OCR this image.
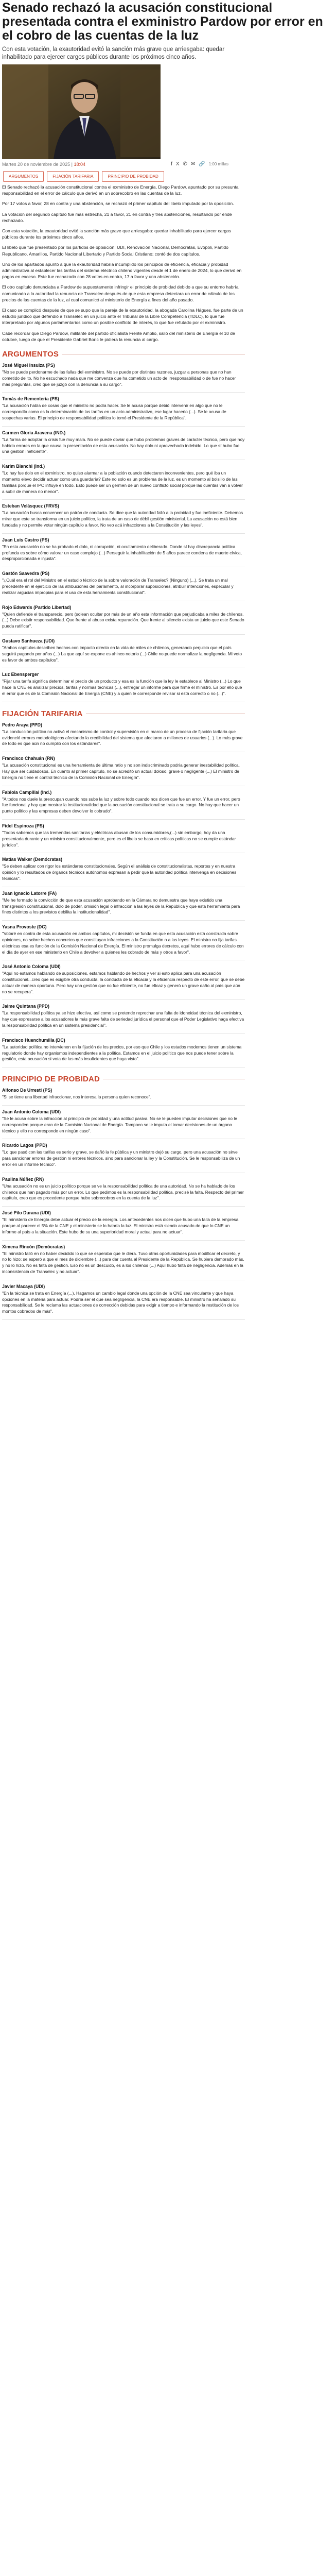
Senado rechazó la acusación constitucional presentada contra el exministro Pardow por error en el cobro de las cuentas de la luz

Con esta votación, la exautoridad evitó la sanción más grave que arriesgaba: quedar inhabilitado para ejercer cargos públicos durante los próximos cinco años.

Martes 20 de noviembre de 2025 | 18:04	f X ✆ ✉ 🔗 1:00 millas
ARGUMENTOS	FIJACIÓN TARIFARIA	PRINCIPIO DE PROBIDAD

El Senado rechazó la acusación constitucional contra el exministro de Energía, Diego Pardow, apuntado por su presunta responsabilidad en el error de cálculo que derivó en un sobrecobro en las cuentas de la luz.

Por 17 votos a favor, 28 en contra y una abstención, se rechazó el primer capítulo del libelo imputado por la oposición.

La votación del segundo capítulo fue más estrecha, 21 a favor, 21 en contra y tres abstenciones, resultando por ende rechazado.

Con esta votación, la exautoridad evitó la sanción más grave que arriesgaba: quedar inhabilitado para ejercer cargos públicos durante los próximos cinco años.

El libelo que fue presentado por los partidos de oposición: UDI, Renovación Nacional, Demócratas, Evópoli, Partido Republicano, Amarillos, Partido Nacional Libertario y Partido Social Cristiano; contó de dos capítulos.

Uno de los apartados apuntó a que la exautoridad habría incumplido los principios de eficiencia, eficacia y probidad administrativa al establecer las tarifas del sistema eléctrico chileno vigentes desde el 1 de enero de 2024, lo que derivó en pagos en exceso. Este fue rechazado con 28 votos en contra, 17 a favor y una abstención.

El otro capítulo denunciaba a Pardow de supuestamente infringir el principio de probidad debido a que su entorno habría comunicado a la autoridad la renuncia de Transelec después de que esta empresa detectara un error de cálculo de los precios de las cuentas de la luz, al cual comunicó al ministerio de Energía a fines del año pasado.

El caso se complicó después de que se supo que la pareja de la exautoridad, la abogada Carolina Hágues, fue parte de un estudio jurídico que defendió a Transelec en un juicio ante el Tribunal de la Libre Competencia (TDLC), lo que fue interpretado por algunos parlamentarios como un posible conflicto de interés, lo que fue refutado por el exministro.

Cabe recordar que Diego Pardow, militante del partido oficialista Frente Amplio, salió del ministerio de Energía el 10 de octubre, luego de que el Presidente Gabriel Boric le pidiera la renuncia al cargo.

ARGUMENTOS

José Miguel Insulza (PS)

"No se puede perdonarme de las fallas del exministro. No se puede por distintas razones, juzgar a personas que no han cometido delito. No he escuchado nada que me convenza que ha cometido un acto de irresponsabilidad o de fue no hacer más preguntas, creo que se juzgó con la denuncia a su cargo".

Tomás de Rementería (PS)

"La acusación habla de cosas que el ministro no podía hacer. Se le acusa porque debió intervenir en algo que no le correspondía como es la determinación de las tarifas en un acto administrativo, ese lugar hacerlo (...). Se le acusa de sospechas varias. El principio de responsabilidad política lo tomó el Presidente de la República".

Carmen Gloria Aravena (IND.)

"La forma de adoptar la crisis fue muy mala. No se puede obviar que hubo problemas graves de carácter técnico, pero que hoy habido errores en la que causa la presentación de esta acusación. No hay dolo ni aprovechado indebido. Lo que sí hubo fue una gestión ineficiente".

Karim Bianchi (Ind.)

"Lo hay fue dolo en el exministro, no quiso alarmar a la población cuando detectaron inconvenientes, pero qué iba un momento elevo decidir actuar como una guardaría? Este no solo es un problema de la luz, es un momento al bolsillo de las familias porque el IPC influye en todo. Esto puede ser un germen de un nuevo conflicto social porque las cuentas van a volver a subir de manera no menor".

Esteban Velásquez (FRVS)

"La acusación busca convencer un patrón de conducta. Se dice que la autoridad falló a la probidad y fue ineficiente. Debemos mirar que este se transforma en un juicio político, la trata de un caso de débil gestión ministerial. La acusación no está bien fundada y no permite votar ningún capítulo a favor. No veo acá infracciones a la Constitución y las leyes".

Juan Luis Castro (PS)

"En esta acusación no se ha probado el dolo, ni corrupción, ni ocultamiento deliberado. Donde sí hay discrepancia política profunda es sobre cómo valorar un caso complejo (...) Perseguir la inhabilitación de 5 años parece condena de muerte cívica, desproporcionada e injusta".

Gastón Saavedra (PS)

"¿Cuál era el rol del Ministro en el estudio técnico de la sobre valoración de Transelec? (Ninguno) (...). Se trata un mal precedente en el ejercicio de las atribuciones del parlamento, al incorporar suposiciones, atribuir intenciones, especular y realizar argucias impropias para el uso de esta herramienta constitucional".

Rojo Edwards (Partido Libertad)

"Quien defiende el transparecio, pero (solean ocultar por más de un año esta información que perjudicaba a miles de chilenos. (...) Debe existir responsabilidad. Que frente al abuso exista reparación. Que frente al silencio exista un juicio que este Senado pueda ratificar".

Gustavo Sanhueza (UDI)

"Ambos capítulos describen hechos con impacto directo en la vida de miles de chilenos, generando perjuicio que el país seguirá pagando por años (...) La que aquí se expone es ahinco notorio (...) Chile no puede normalizar la negligencia. Mi voto es favor de ambos capítulos".

Luz Ebensperger

"Fijar una tarifa significa determinar el precio de un producto y esa es la función que la ley le establece al Ministro (...) Lo que hace la CNE es analizar precios, tarifas y normas técnicas (...), entregar un informe para que firme el ministro. Es por ello que el error que es de la Comisión Nacional de Energía (CNE) y a quien le corresponde revisar si está correcto o no (...)".

FIJACIÓN TARIFARIA

Pedro Araya (PPD)

"La conducción política no activó el mecanismo de control y supervisión en el marco de un proceso de fijación tarifaria que evidenció errores metodológicos afectando la credibilidad del sistema que afectaron a millones de usuarios (...). Lo más grave de todo es que aún no cumplió con los estándares".

Francisco Chahuán (RN)

"La acusación constitucional es una herramienta de última ratio y no son indiscriminado podría generar inestabilidad política. Hay que ser cuidadosos. En cuanto al primer capítulo, no se acreditó un actual doloso, grave o negligente (...) El ministro de Energía no tiene el control técnico de la Comisión Nacional de Energía".

Fabiola Campillai (Ind.)

"A todos nos duele la preocupan cuando nos sube la luz y sobre todo cuando nos dicen que fue un error. Y fue un error, pero fue funcional y hay que mostrar la institucionalidad que la acusación constitucional se trata a su cargo. No hay que hacer un punto político y las empresas deben devolver lo cobrado".

Fidel Espinoza (PS)

"Todos sabemos que las tremendas sanitarias y eléctricas abusan de los consumidores,(...) sin embargo, hoy da una presentada durante y un ministro constitucionalmente, pero es el libelo se basa en críticas políticas no se cumple estándar jurídico".

Matías Walker (Demócratas)

"Se deben aplicar con rigor los estándares constitucionales. Según el análisis de constitucionalistas, reportes y en nuestra opinión y lo resultados de órganos técnicos autónomos expresan a pedir que la autoridad política intervenga en decisiones técnicas".

Juan Ignacio Latorre (FA)

"Me he formado la convicción de que esta acusación aprobando en la Cámara no demuestra que haya existido una transgresión constitucional, dolo de poder, omisión legal o infracción a las leyes de la República y que esta herramienta para fines distintos a los previstos debilita la institucionalidad".

Yasna Provoste (DC)

"Votaré en contra de esta acusación en ambos capítulos, mi decisión se funda en que esta acusación está construida sobre opiniones, no sobre hechos concretos que constituyan infracciones a la Constitución o a las leyes. El ministro no fija tarifas eléctricas esa es función de la Comisión Nacional de Energía. El ministro promulga decretos, aquí hubo errores de cálculo con el día de ayer en ese ministerio en Chile a devolver a quienes les cobrado de más y otros a favor".

José Antonio Coloma (UDI)

"Aquí no estamos hablando de suposiciones, estamos hablando de hechos y ver si esto aplica para una acusación constitucional...creo que es exigible otra conducta, la conducta de la eficacia y la eficiencia respecto de este error, que se debe actuar de manera oportuna. Pero hay una gestión que no fue eficiente, no fue eficaz y generó un grave daño al país que aún no se recupera".

Jaime Quintana (PPD)

"La responsabilidad política ya se hizo efectiva, así como se pretende reprochar una falta de idoneidad técnica del exministro, hay que expresarse a los acusadores la más grave falta de seriedad jurídica el personal que el Poder Legislativo haga efectiva la responsabilidad política en un sistema presidencial".

Francisco Huenchumilla (DC)

"La autoridad política no intervienen en la fijación de los precios, por eso que Chile y los estados modernos tienen un sistema regulatorio donde hay organismos independientes a la política. Estamos en el juicio político que nos puede tener sobre la gestión, esta acusación si vota de las más insuficientes que haya visto".

PRINCIPIO DE PROBIDAD

Alfonso De Urresti (PS)

"Si se tiene una libertad infraccionar, nos interesa la persona quien reconoce".

Juan Antonio Coloma (UDI)

"Se le acusa sobre la infracción al principio de probidad y una actitud pasiva. No se le pueden imputar decisiones que no le corresponden porque eran de la Comisión Nacional de Energía. Tampoco se le imputa el tomar decisiones de un órgano técnico y ello no corresponde en ningún caso".

Ricardo Lagos (PPD)

"Lo que pasó con las tarifas es serio y grave, se dañó la fe pública y un ministro dejó su cargo, pero una acusación no sirve para sancionar errores de gestión ni errores técnicos, sino para sancionar la ley y la Constitución. Se le responsabiliza de un error en un informe técnico".

Paulina Núñez (RN)

"Una acusación no es un juicio político porque se ve la responsabilidad política de una autoridad. No se ha hablado de los chilenos que han pagado más por un error. Lo que pedimos es la responsabilidad política, precisé la falta. Respecto del primer capítulo, creo que es procedente porque hubo sobrecobros en la cuenta de la luz".

José Pilo Durana (UDI)

"El ministerio de Energía debe actuar el precio de la energía. Los antecedentes nos dicen que hubo una falla de la empresa porque al parecer el 5% de la CNE y el ministerio se lo habría la luz. El ministro está siendo acusado de que lo CNE un informe al país a la situación. Este hubo de su una superioridad moral y actual para no actuar".

Ximena Rincón (Demócratas)

"El ministro falló en no haber decidido lo que se esperaba que le diera. Tuvo otras oportunidades para modificar el decreto, y no lo hizo; se esperó a que el mes de diciembre (...) para dar cuenta al Presidente de la República. Se hubiera demorado más, y no lo hizo. No es falta de gestión. Eso no es un descuido, es a los chilenos (...) Aquí hubo falta de negligencia. Además en la inconsistencia de Transelec y no actuar".

Javier Macaya (UDI)

"En la técnica se trata en Energía (...). Hagamos un cambio legal donde una opción de la CNE sea vinculante y que haya opciones en la materia para actuar. Podría ser el que sea negligencia, la CNE era responsable. El ministro ha señalado su responsabilidad. Se le reclama las actuaciones de corrección debidas para exigir a tiempo e informando la restitución de los montos cobrados de más".
